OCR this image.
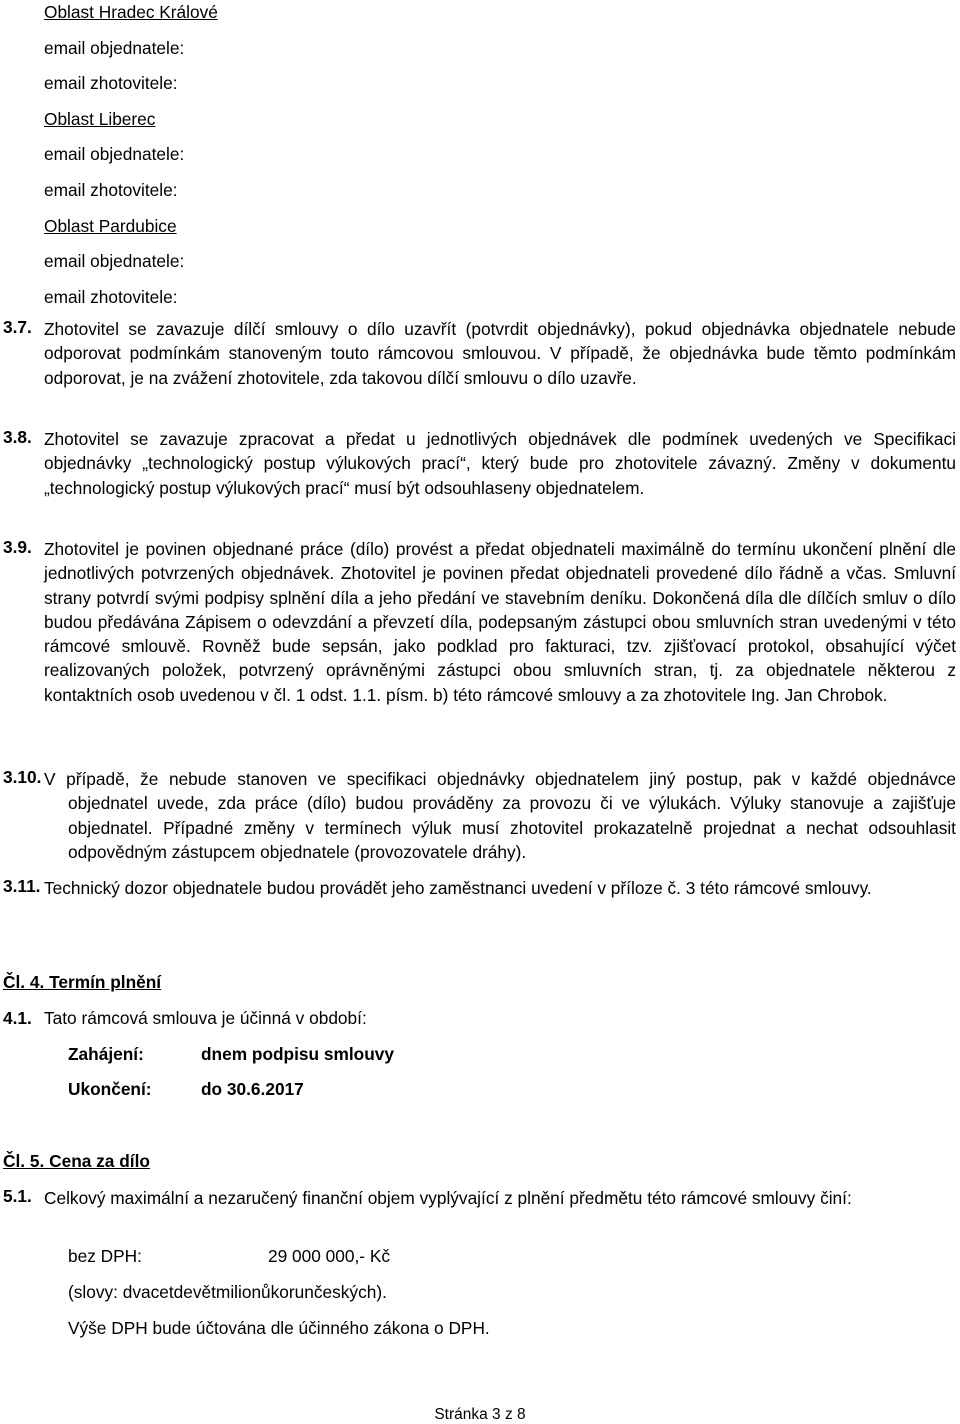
Oblast Hradec Králové
email objednatele:
email zhotovitele:
Oblast Liberec
email objednatele:
email zhotovitele:
Oblast Pardubice
email objednatele:
email zhotovitele:
3.7. Zhotovitel se zavazuje dílčí smlouvy o dílo uzavřít (potvrdit objednávky), pokud objednávka objednatele nebude odporovat podmínkám stanoveným touto rámcovou smlouvou. V případě, že objednávka bude těmto podmínkám odporovat, je na zvážení zhotovitele, zda takovou dílčí smlouvu o dílo uzavře.
3.8. Zhotovitel se zavazuje zpracovat a předat u jednotlivých objednávek dle podmínek uvedených ve Specifikaci objednávky „technologický postup výlukových prací“, který bude pro zhotovitele závazný. Změny v dokumentu „technologický postup výlukových prací“ musí být odsouhlaseny objednatelem.
3.9. Zhotovitel je povinen objednané práce (dílo) provést a předat objednateli maximálně do termínu ukončení plnění dle jednotlivých potvrzených objednávek. Zhotovitel je povinen předat objednateli provedené dílo řádně a včas. Smluvní strany potvrdí svými podpisy splnění díla a jeho předání ve stavebním deníku. Dokončená díla dle dílčích smluv o dílo budou předávána Zápisem o odevzdání a převzetí díla, podepsaným zástupci obou smluvních stran uvedenými v této rámcové smlouvě. Rovněž bude sepsán, jako podklad pro fakturaci, tzv. zjišťovací protokol, obsahující výčet realizovaných položek, potvrzený oprávněnými zástupci obou smluvních stran, tj. za objednatele některou z kontaktních osob uvedenou v čl. 1 odst. 1.1. písm. b) této rámcové smlouvy a za zhotovitele Ing. Jan Chrobok.
3.10. V případě, že nebude stanoven ve specifikaci objednávky objednatelem jiný postup, pak v každé objednávce objednatel uvede, zda práce (dílo) budou prováděny za provozu či ve výlukách. Výluky stanovuje a zajišťuje objednatel. Případné změny v termínech výluk musí zhotovitel prokazatelně projednat a nechat odsouhlasit odpovědným zástupcem objednatele (provozovatele dráhy).
3.11. Technický dozor objednatele budou provádět jeho zaměstnanci uvedení v příloze č. 3 této rámcové smlouvy.
Čl. 4. Termín plnění
4.1. Tato rámcová smlouva je účinná v období:
Zahájení:	dnem podpisu smlouvy
Ukončení:	do 30.6.2017
Čl. 5. Cena za dílo
5.1. Celkový maximální a nezaručený finanční objem vyplývající z plnění předmětu této rámcové smlouvy činí:
bez DPH:	29 000 000,- Kč
(slovy: dvacetdevětmilionůkorunčeských).
Výše DPH bude účtována dle účinného zákona o DPH.
Stránka 3 z 8
